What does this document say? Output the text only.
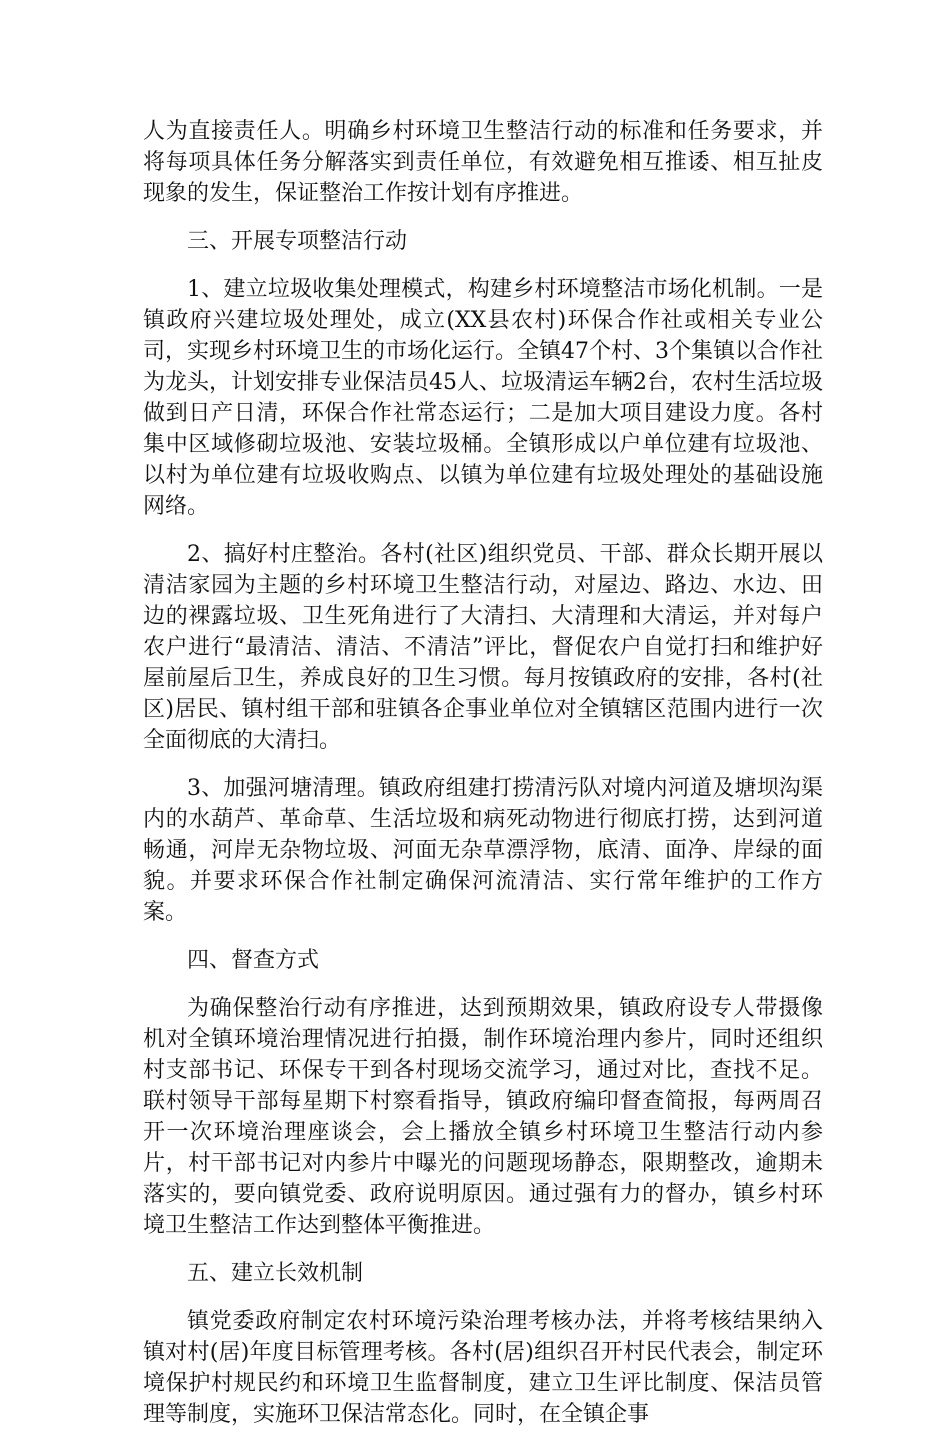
人为直接责任人。明确乡村环境卫生整洁行动的标准和任务要求，并将每项具体任务分解落实到责任单位，有效避免相互推诿、相互扯皮现象的发生，保证整治工作按计划有序推进。

三、开展专项整洁行动

1、建立垃圾收集处理模式，构建乡村环境整洁市场化机制。一是镇政府兴建垃圾处理处，成立(XX县农村)环保合作社或相关专业公司，实现乡村环境卫生的市场化运行。全镇47个村、3个集镇以合作社为龙头，计划安排专业保洁员45人、垃圾清运车辆2台，农村生活垃圾做到日产日清，环保合作社常态运行；二是加大项目建设力度。各村集中区域修砌垃圾池、安装垃圾桶。全镇形成以户单位建有垃圾池、以村为单位建有垃圾收购点、以镇为单位建有垃圾处理处的基础设施网络。

2、搞好村庄整治。各村(社区)组织党员、干部、群众长期开展以清洁家园为主题的乡村环境卫生整洁行动，对屋边、路边、水边、田边的裸露垃圾、卫生死角进行了大清扫、大清理和大清运，并对每户农户进行“最清洁、清洁、不清洁”评比，督促农户自觉打扫和维护好屋前屋后卫生，养成良好的卫生习惯。每月按镇政府的安排，各村(社区)居民、镇村组干部和驻镇各企事业单位对全镇辖区范围内进行一次全面彻底的大清扫。

3、加强河塘清理。镇政府组建打捞清污队对境内河道及塘坝沟渠内的水葫芦、革命草、生活垃圾和病死动物进行彻底打捞，达到河道畅通，河岸无杂物垃圾、河面无杂草漂浮物，底清、面净、岸绿的面貌。并要求环保合作社制定确保河流清洁、实行常年维护的工作方案。

四、督查方式

为确保整治行动有序推进，达到预期效果，镇政府设专人带摄像机对全镇环境治理情况进行拍摄，制作环境治理内参片，同时还组织村支部书记、环保专干到各村现场交流学习，通过对比，查找不足。联村领导干部每星期下村察看指导，镇政府编印督查简报，每两周召开一次环境治理座谈会，会上播放全镇乡村环境卫生整洁行动内参片，村干部书记对内参片中曝光的问题现场静态，限期整改，逾期未落实的，要向镇党委、政府说明原因。通过强有力的督办，镇乡村环境卫生整洁工作达到整体平衡推进。

五、建立长效机制

镇党委政府制定农村环境污染治理考核办法，并将考核结果纳入镇对村(居)年度目标管理考核。各村(居)组织召开村民代表会，制定环境保护村规民约和环境卫生监督制度，建立卫生评比制度、保洁员管理等制度，实施环卫保洁常态化。同时，在全镇企事
